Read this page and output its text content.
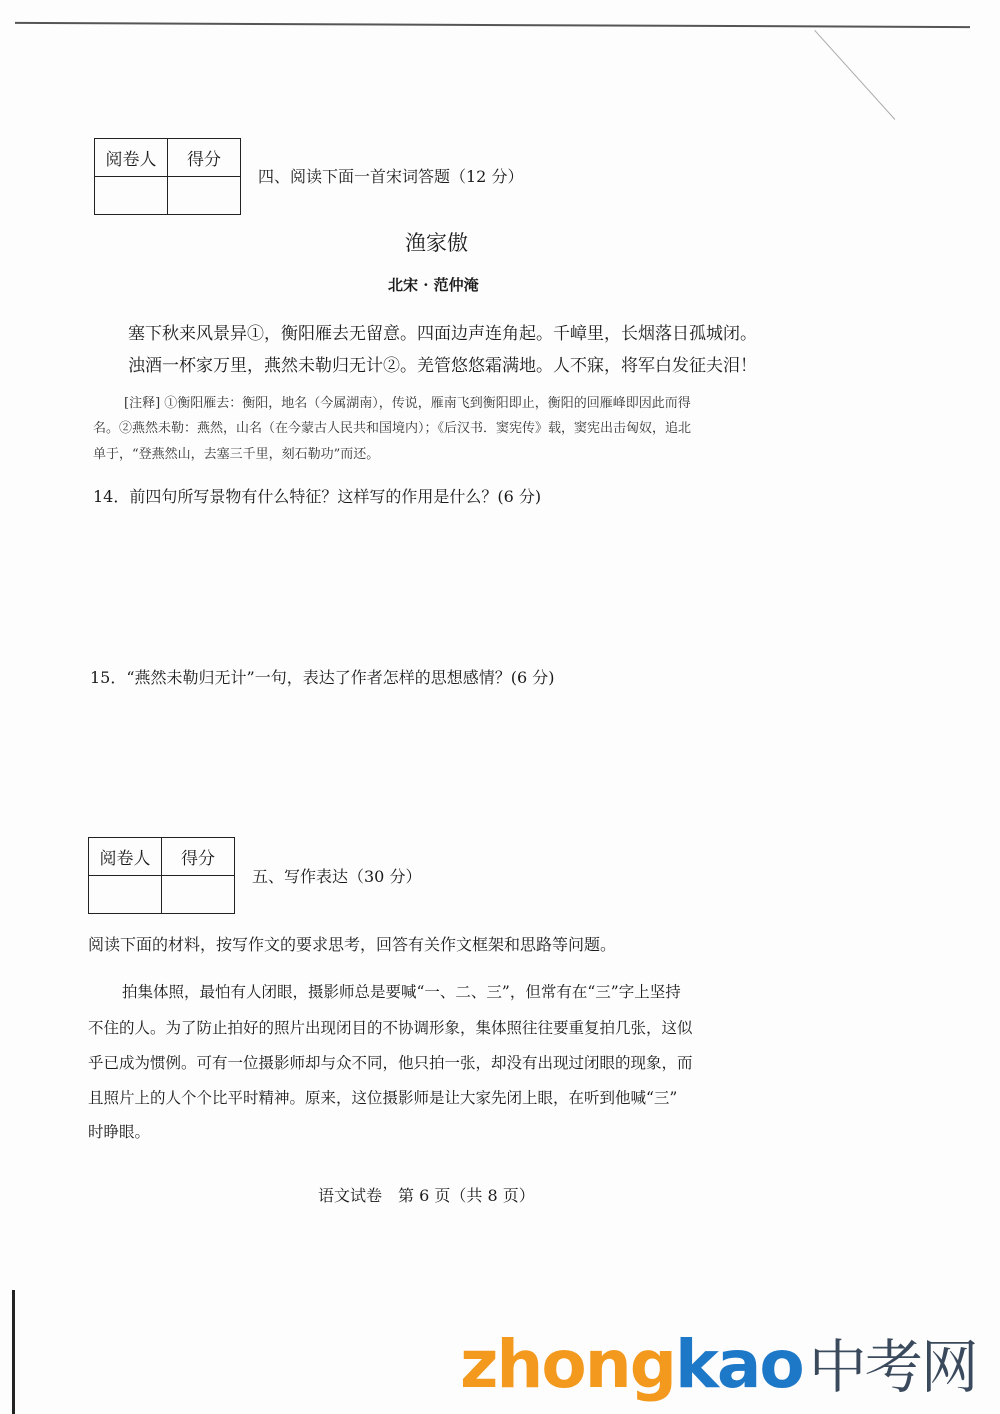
阅卷人	得分

四、阅读下面一首宋词答题（12 分）
渔家傲
北宋 · 范仲淹
塞下秋来风景异①，衡阳雁去无留意。四面边声连角起。千嶂里，长烟落日孤城闭。
浊酒一杯家万里，燕然未勒归无计②。羌管悠悠霜满地。人不寐，将军白发征夫泪！
[注释] ①衡阳雁去：衡阳，地名（今属湖南），传说，雁南飞到衡阳即止，衡阳的回雁峰即因此而得
名。②燕然未勒：燕然，山名（在今蒙古人民共和国境内）；《后汉书．窦宪传》载，窦宪出击匈奴，追北
单于，“登燕然山，去塞三千里，刻石勒功”而还。
14．前四句所写景物有什么特征？这样写的作用是什么？(6 分)
15．“燕然未勒归无计”一句，表达了作者怎样的思想感情？(6 分)
阅卷人	得分

五、写作表达（30 分）
阅读下面的材料，按写作文的要求思考，回答有关作文框架和思路等问题。
拍集体照，最怕有人闭眼，摄影师总是要喊“一、二、三”，但常有在“三”字上坚持
不住的人。为了防止拍好的照片出现闭目的不协调形象，集体照往往要重复拍几张，这似
乎已成为惯例。可有一位摄影师却与众不同，他只拍一张，却没有出现过闭眼的现象，而
且照片上的人个个比平时精神。原来，这位摄影师是让大家先闭上眼，在听到他喊“三”
时睁眼。
语文试卷　第 6 页（共 8 页）
zhongkao 中考网
